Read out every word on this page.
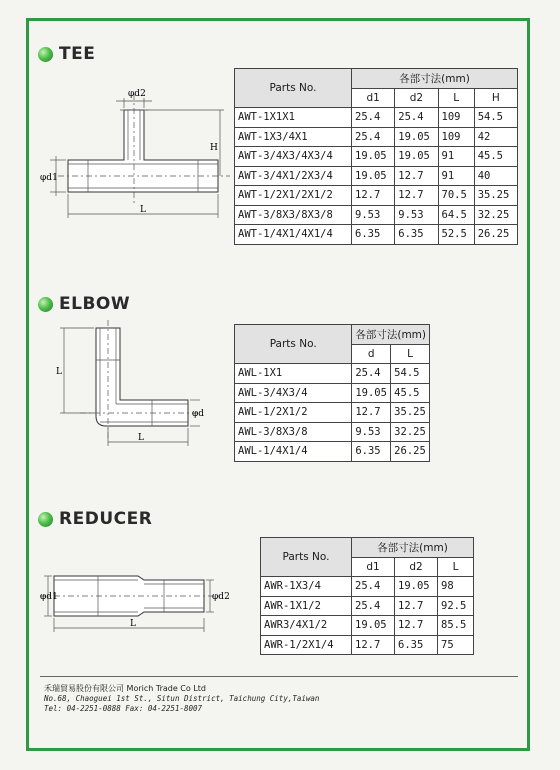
TEE
φd2
φd1
H
L
Parts No.	各部寸法(mm)			
	d1	d2	L	H
AWT-1X1X1	25.4	25.4	109	54.5
AWT-1X3/4X1	25.4	19.05	109	42
AWT-3/4X3/4X3/4	19.05	19.05	91	45.5
AWT-3/4X1/2X3/4	19.05	12.7	91	40
AWT-1/2X1/2X1/2	12.7	12.7	70.5	35.25
AWT-3/8X3/8X3/8	9.53	9.53	64.5	32.25
AWT-1/4X1/4X1/4	6.35	6.35	52.5	26.25
ELBOW
L
φd
L
Parts No.	各部寸法(mm)	
	d	L
AWL-1X1	25.4	54.5
AWL-3/4X3/4	19.05	45.5
AWL-1/2X1/2	12.7	35.25
AWL-3/8X3/8	9.53	32.25
AWL-1/4X1/4	6.35	26.25
REDUCER
φd1	φd2
L
Parts No.	各部寸法(mm)		
	d1	d2	L
AWR-1X3/4	25.4	19.05	98
AWR-1X1/2	25.4	12.7	92.5
AWR3/4X1/2	19.05	12.7	85.5
AWR-1/2X1/4	12.7	6.35	75
禾瑞貿易股份有限公司 Morich Trade Co Ltd
No.68, Chaoguei 1st St., Situn District, Taichung City,Taiwan
Tel: 04-2251-0888 Fax: 04-2251-8007
